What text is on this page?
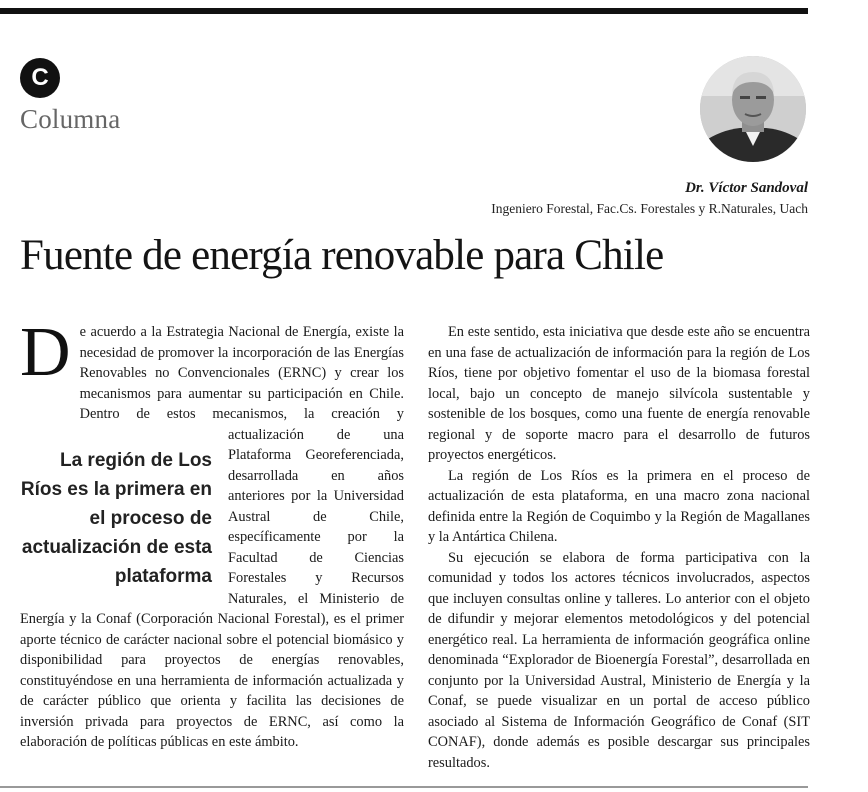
C
Columna
Dr. Víctor Sandoval
Ingeniero Forestal, Fac.Cs. Forestales y R.Naturales, Uach
Fuente de energía renovable para Chile
D
La región de Los Ríos es la primera en el proceso de actualización de esta plataforma
e acuerdo a la Estrategia Nacional de Energía, existe la necesidad de promover la incorporación de las Energías Renovables no Convencionales (ERNC) y crear los mecanismos para aumentar su participación en Chile. Dentro de estos mecanismos, la creación y actualización de una Plataforma Georeferenciada, desarrollada en años anteriores por la Universidad Austral de Chile, específicamente por la Facultad de Ciencias Forestales y Recursos Naturales, el Ministerio de Energía y la Conaf (Corporación Nacional Forestal), es el primer aporte técnico de carácter nacional sobre el potencial biomásico y disponibilidad para proyectos de energías renovables, constituyéndose en una herramienta de información actualizada y de carácter público que orienta y facilita las decisiones de inversión privada para proyectos de ERNC, así como la elaboración de políticas públicas en este ámbito.

En este sentido, esta iniciativa que desde este año se encuentra en una fase de actualización de información para la región de Los Ríos, tiene por objetivo fomentar el uso de la biomasa forestal local, bajo un concepto de manejo silvícola sustentable y sostenible de los bosques, como una fuente de energía renovable regional y de soporte macro para el desarrollo de futuros proyectos energéticos.

La región de Los Ríos es la primera en el proceso de actualización de esta plataforma, en una macro zona nacional definida entre la Región de Coquimbo y la Región de Magallanes y la Antártica Chilena.

Su ejecución se elabora de forma participativa con la comunidad y todos los actores técnicos involucrados, aspectos que incluyen consultas online y talleres. Lo anterior con el objeto de difundir y mejorar elementos metodológicos y del potencial energético real. La herramienta de información geográfica online denominada “Explorador de Bioenergía Forestal”, desarrollada en conjunto por la Universidad Austral, Ministerio de Energía y la Conaf, se puede visualizar en un portal de acceso público asociado al Sistema de Información Geográfico de Conaf (SIT CONAF), donde además es posible descargar sus principales resultados.
